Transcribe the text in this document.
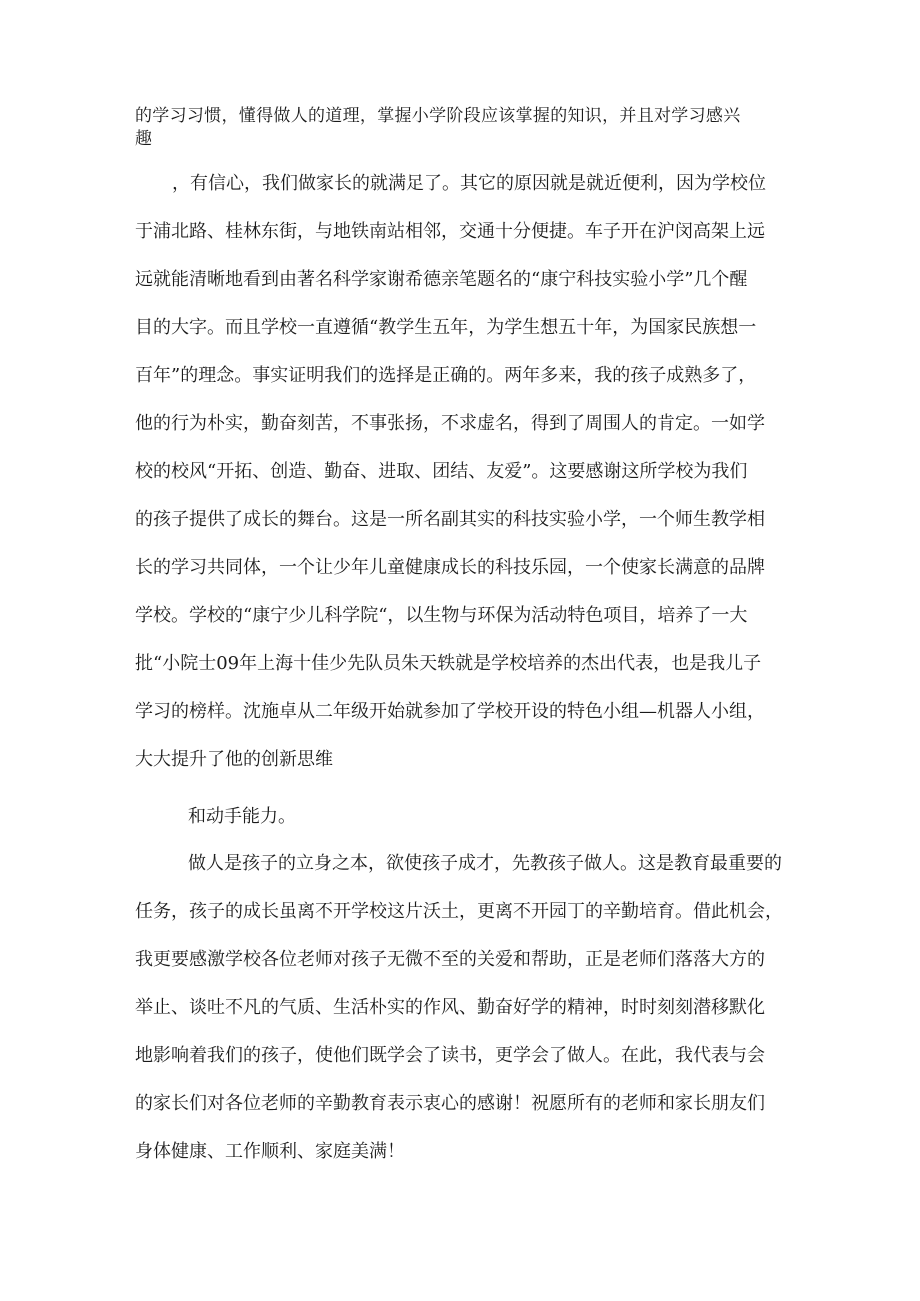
的学习习惯，懂得做人的道理，掌握小学阶段应该掌握的知识，并且对学习感兴
趣
，有信心，我们做家长的就满足了。其它的原因就是就近便利，因为学校位
于浦北路、桂林东街，与地铁南站相邻，交通十分便捷。车子开在沪闵高架上远
远就能清晰地看到由著名科学家谢希德亲笔题名的“康宁科技实验小学”几个醒
目的大字。而且学校一直遵循“教学生五年，为学生想五十年，为国家民族想一
百年”的理念。事实证明我们的选择是正确的。两年多来，我的孩子成熟多了，
他的行为朴实，勤奋刻苦，不事张扬，不求虚名，得到了周围人的肯定。一如学
校的校风“开拓、创造、勤奋、进取、团结、友爱”。这要感谢这所学校为我们
的孩子提供了成长的舞台。这是一所名副其实的科技实验小学，一个师生教学相
长的学习共同体，一个让少年儿童健康成长的科技乐园，一个使家长满意的品牌
学校。学校的“康宁少儿科学院“，以生物与环保为活动特色项目，培养了一大
批“小院士09年上海十佳少先队员朱天轶就是学校培养的杰出代表，也是我儿子
学习的榜样。沈施卓从二年级开始就参加了学校开设的特色小组—机器人小组，
大大提升了他的创新思维
和动手能力。
做人是孩子的立身之本，欲使孩子成才，先教孩子做人。这是教育最重要的
任务，孩子的成长虽离不开学校这片沃土，更离不开园丁的辛勤培育。借此机会，
我更要感激学校各位老师对孩子无微不至的关爱和帮助，正是老师们落落大方的
举止、谈吐不凡的气质、生活朴实的作风、勤奋好学的精神，时时刻刻潜移默化
地影响着我们的孩子，使他们既学会了读书，更学会了做人。在此，我代表与会
的家长们对各位老师的辛勤教育表示衷心的感谢！祝愿所有的老师和家长朋友们
身体健康、工作顺利、家庭美满！
